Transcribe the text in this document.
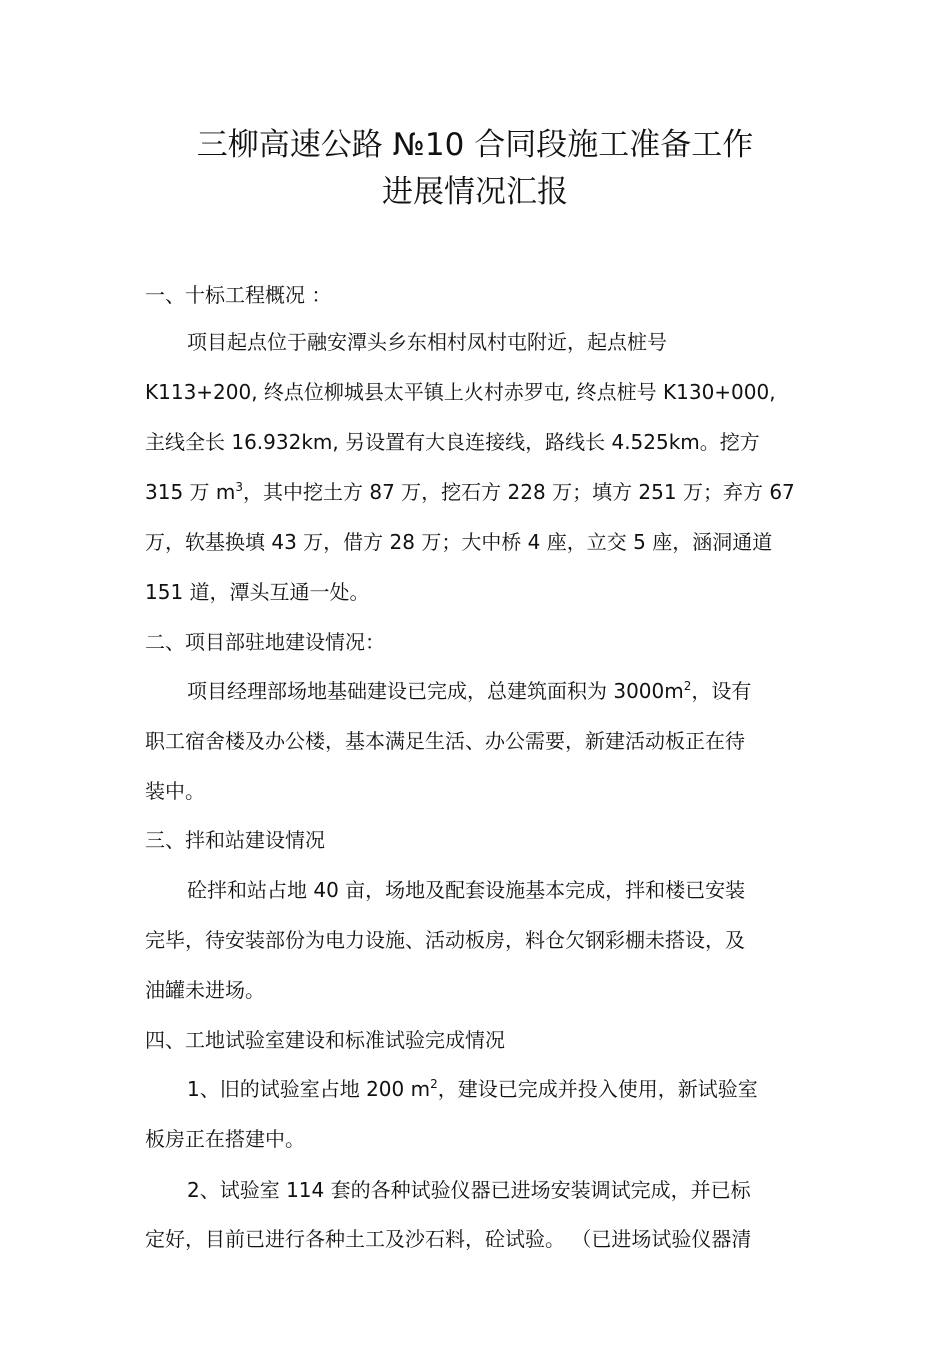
三柳高速公路 №10 合同段施工准备工作
进展情况汇报
一、十标工程概况 ：
项目起点位于融安潭头乡东相村凤村屯附近，起点桩号
K113+200, 终点位柳城县太平镇上火村赤罗屯, 终点桩号 K130+000,
主线全长 16.932km, 另设置有大良连接线，路线长 4.525km。挖方
315 万 $m^3$，其中挖土方 87 万，挖石方 228 万；填方 251 万；弃方 67
万，软基换填 43 万，借方 28 万；大中桥 4 座，立交 5 座，涵洞通道
151 道，潭头互通一处。
二、项目部驻地建设情况：
项目经理部场地基础建设已完成，总建筑面积为 $3000m^2$，设有
职工宿舍楼及办公楼，基本满足生活、办公需要，新建活动板正在待
装中。
三、拌和站建设情况
砼拌和站占地 40 亩，场地及配套设施基本完成，拌和楼已安装
完毕，待安装部份为电力设施、活动板房，料仓欠钢彩棚未搭设，及
油罐未进场。
四、工地试验室建设和标准试验完成情况
1、旧的试验室占地 200 $m^2$，建设已完成并投入使用，新试验室
板房正在搭建中。
2、试验室 114 套的各种试验仪器已进场安装调试完成，并已标
定好，目前已进行各种土工及沙石料，砼试验。 （已进场试验仪器清
